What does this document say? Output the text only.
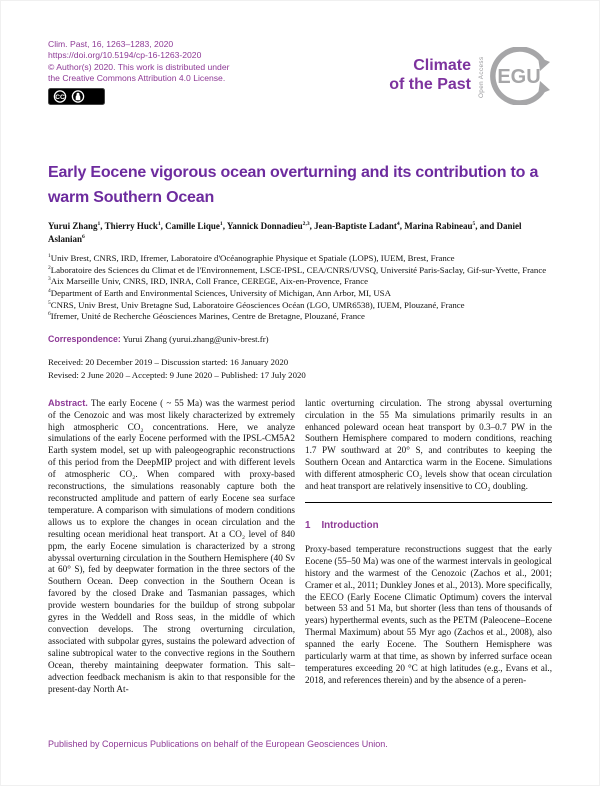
Clim. Past, 16, 1263–1283, 2020
https://doi.org/10.5194/cp-16-1263-2020
© Author(s) 2020. This work is distributed under
the Creative Commons Attribution 4.0 License.
CC
Climate
of the Past Open Access EGU
Early Eocene vigorous ocean overturning and its contribution to a warm Southern Ocean
Yurui Zhang$^1$, Thierry Huck$^1$, Camille Lique$^1$, Yannick Donnadieu$^{2,3}$, Jean-Baptiste Ladant$^4$, Marina Rabineau$^5$, and Daniel Aslanian$^6$
$^1$Univ Brest, CNRS, IRD, Ifremer, Laboratoire d'Océanographie Physique et Spatiale (LOPS), IUEM, Brest, France
$^2$Laboratoire des Sciences du Climat et de l'Environnement, LSCE-IPSL, CEA/CNRS/UVSQ, Université Paris-Saclay, Gif-sur-Yvette, France
$^3$Aix Marseille Univ, CNRS, IRD, INRA, Coll France, CEREGE, Aix-en-Provence, France
$^4$Department of Earth and Environmental Sciences, University of Michigan, Ann Arbor, MI, USA
$^5$CNRS, Univ Brest, Univ Bretagne Sud, Laboratoire Géosciences Océan (LGO, UMR6538), IUEM, Plouzané, France
$^6$Ifremer, Unité de Recherche Géosciences Marines, Centre de Bretagne, Plouzané, France
Correspondence: Yurui Zhang (yurui.zhang@univ-brest.fr)
Received: 20 December 2019 – Discussion started: 16 January 2020
Revised: 2 June 2020 – Accepted: 9 June 2020 – Published: 17 July 2020
Abstract. The early Eocene ( ~ 55 Ma) was the warmest period of the Cenozoic and was most likely characterized by extremely high atmospheric CO₂ concentrations. Here, we analyze simulations of the early Eocene performed with the IPSL-CM5A2 Earth system model, set up with paleogeographic reconstructions of this period from the DeepMIP project and with different levels of atmospheric CO₂. When compared with proxy-based reconstructions, the simulations reasonably capture both the reconstructed amplitude and pattern of early Eocene sea surface temperature. A comparison with simulations of modern conditions allows us to explore the changes in ocean circulation and the resulting ocean meridional heat transport. At a CO₂ level of 840 ppm, the early Eocene simulation is characterized by a strong abyssal overturning circulation in the Southern Hemisphere (40 Sv at 60° S), fed by deepwater formation in the three sectors of the Southern Ocean. Deep convection in the Southern Ocean is favored by the closed Drake and Tasmanian passages, which provide western boundaries for the buildup of strong subpolar gyres in the Weddell and Ross seas, in the middle of which convection develops. The strong overturning circulation, associated with subpolar gyres, sustains the poleward advection of saline subtropical water to the convective regions in the Southern Ocean, thereby maintaining deepwater formation. This salt–advection feedback mechanism is akin to that responsible for the present-day North At-
lantic overturning circulation. The strong abyssal overturning circulation in the 55 Ma simulations primarily results in an enhanced poleward ocean heat transport by 0.3–0.7 PW in the Southern Hemisphere compared to modern conditions, reaching 1.7 PW southward at 20° S, and contributes to keeping the Southern Ocean and Antarctica warm in the Eocene. Simulations with different atmospheric CO₂ levels show that ocean circulation and heat transport are relatively insensitive to CO₂ doubling.
1 Introduction
Proxy-based temperature reconstructions suggest that the early Eocene (55–50 Ma) was one of the warmest intervals in geological history and the warmest of the Cenozoic (Zachos et al., 2001; Cramer et al., 2011; Dunkley Jones et al., 2013). More specifically, the EECO (Early Eocene Climatic Optimum) covers the interval between 53 and 51 Ma, but shorter (less than tens of thousands of years) hyperthermal events, such as the PETM (Paleocene–Eocene Thermal Maximum) about 55 Myr ago (Zachos et al., 2008), also spanned the early Eocene. The Southern Hemisphere was particularly warm at that time, as shown by inferred surface ocean temperatures exceeding 20 °C at high latitudes (e.g., Evans et al., 2018, and references therein) and by the absence of a peren-
Published by Copernicus Publications on behalf of the European Geosciences Union.
